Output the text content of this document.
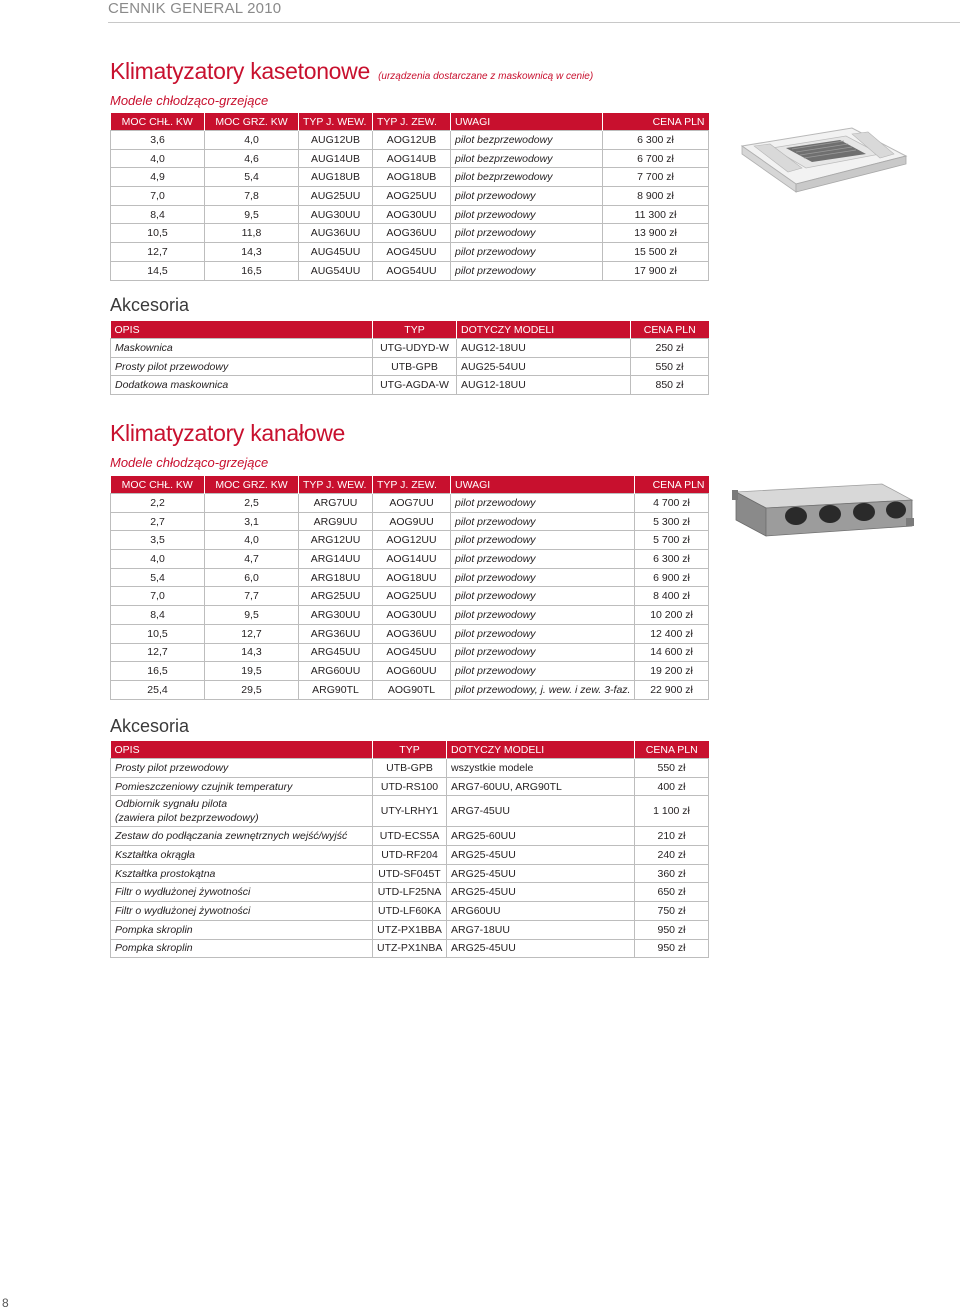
CENNIK GENERAL 2010
Klimatyzatory kasetonowe (urządzenia dostarczane z maskownicą w cenie)
Modele chłodząco-grzejące
MOC CHŁ. KW	MOC GRZ. KW	TYP J. WEW.	TYP J. ZEW.	UWAGI	CENA PLN
3,6	4,0	AUG12UB	AOG12UB	pilot bezprzewodowy	6 300 zł
4,0	4,6	AUG14UB	AOG14UB	pilot bezprzewodowy	6 700 zł
4,9	5,4	AUG18UB	AOG18UB	pilot bezprzewodowy	7 700 zł
7,0	7,8	AUG25UU	AOG25UU	pilot przewodowy	8 900 zł
8,4	9,5	AUG30UU	AOG30UU	pilot przewodowy	11 300 zł
10,5	11,8	AUG36UU	AOG36UU	pilot przewodowy	13 900 zł
12,7	14,3	AUG45UU	AOG45UU	pilot przewodowy	15 500 zł
14,5	16,5	AUG54UU	AOG54UU	pilot przewodowy	17 900 zł
Akcesoria
OPIS	TYP	DOTYCZY MODELI	CENA PLN
Maskownica	UTG-UDYD-W	AUG12-18UU	250 zł
Prosty pilot przewodowy	UTB-GPB	AUG25-54UU	550 zł
Dodatkowa maskownica	UTG-AGDA-W	AUG12-18UU	850 zł
Klimatyzatory kanałowe
Modele chłodząco-grzejące
MOC CHŁ. KW	MOC GRZ. KW	TYP J. WEW.	TYP J. ZEW.	UWAGI	CENA PLN
2,2	2,5	ARG7UU	AOG7UU	pilot przewodowy	4 700 zł
2,7	3,1	ARG9UU	AOG9UU	pilot przewodowy	5 300 zł
3,5	4,0	ARG12UU	AOG12UU	pilot przewodowy	5 700 zł
4,0	4,7	ARG14UU	AOG14UU	pilot przewodowy	6 300 zł
5,4	6,0	ARG18UU	AOG18UU	pilot przewodowy	6 900 zł
7,0	7,7	ARG25UU	AOG25UU	pilot przewodowy	8 400 zł
8,4	9,5	ARG30UU	AOG30UU	pilot przewodowy	10 200 zł
10,5	12,7	ARG36UU	AOG36UU	pilot przewodowy	12 400 zł
12,7	14,3	ARG45UU	AOG45UU	pilot przewodowy	14 600 zł
16,5	19,5	ARG60UU	AOG60UU	pilot przewodowy	19 200 zł
25,4	29,5	ARG90TL	AOG90TL	pilot przewodowy, j. wew. i zew. 3-faz.	22 900 zł
Akcesoria
OPIS	TYP	DOTYCZY MODELI	CENA PLN
Prosty pilot przewodowy	UTB-GPB	wszystkie modele	550 zł
Pomieszczeniowy czujnik temperatury	UTD-RS100	ARG7-60UU, ARG90TL	400 zł
Odbiornik sygnału pilota
(zawiera pilot bezprzewodowy)	UTY-LRHY1	ARG7-45UU	1 100 zł
Zestaw do podłączania zewnętrznych wejść/wyjść	UTD-ECS5A	ARG25-60UU	210 zł
Kształtka okrągła	UTD-RF204	ARG25-45UU	240 zł
Kształtka prostokątna	UTD-SF045T	ARG25-45UU	360 zł
Filtr o wydłużonej żywotności	UTD-LF25NA	ARG25-45UU	650 zł
Filtr o wydłużonej żywotności	UTD-LF60KA	ARG60UU	750 zł
Pompka skroplin	UTZ-PX1BBA	ARG7-18UU	950 zł
Pompka skroplin	UTZ-PX1NBA	ARG25-45UU	950 zł
8
